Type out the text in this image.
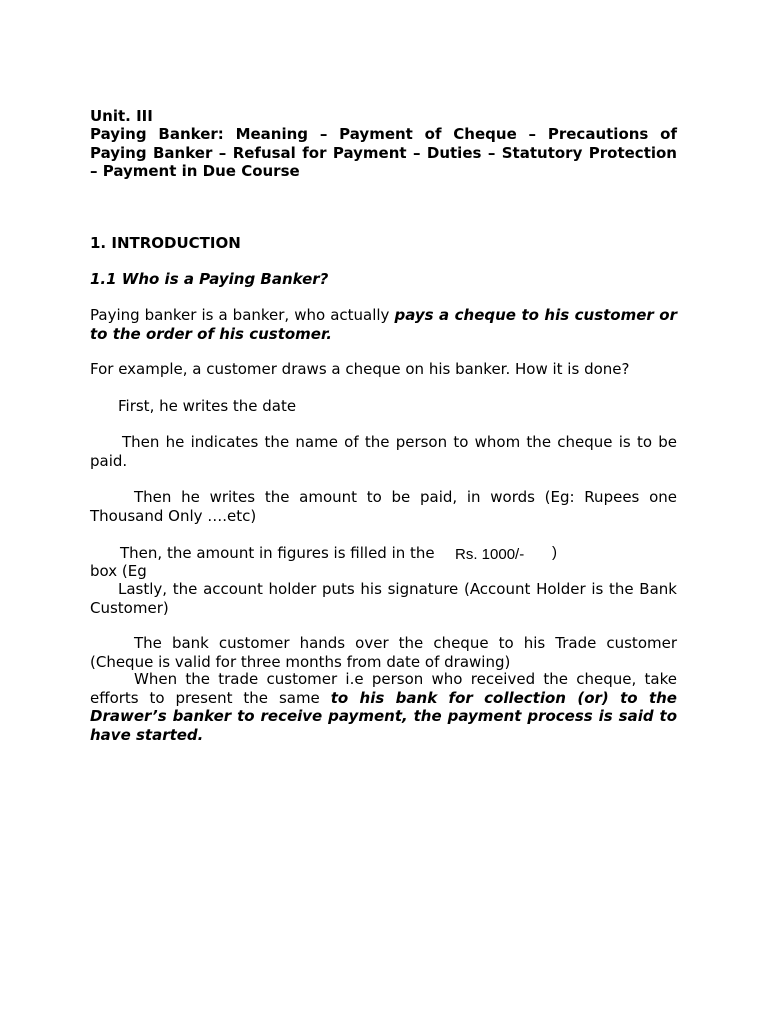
Unit. III
Paying Banker: Meaning – Payment of Cheque – Precautions of Paying Banker – Refusal for Payment – Duties – Statutory Protection – Payment in Due Course
1. INTRODUCTION
1.1 Who is a Paying Banker?
Paying banker is a banker, who actually pays a cheque to his customer or to the order of his customer.
For example, a customer draws a cheque on his banker. How it is done?
First, he writes the date
Then he indicates the name of the person to whom the cheque is to be paid.
Then he writes the amount to be paid, in words (Eg: Rupees one Thousand Only ….etc)
Then, the amount in figures is filled in the	Rs. 1000/- )
box (Eg
Lastly, the account holder puts his signature (Account Holder is the Bank Customer)
The bank customer hands over the cheque to his Trade customer (Cheque is valid for three months from date of drawing)
When the trade customer i.e person who received the cheque, take efforts to present the same to his bank for collection (or) to the Drawer’s banker to receive payment, the payment process is said to have started.
